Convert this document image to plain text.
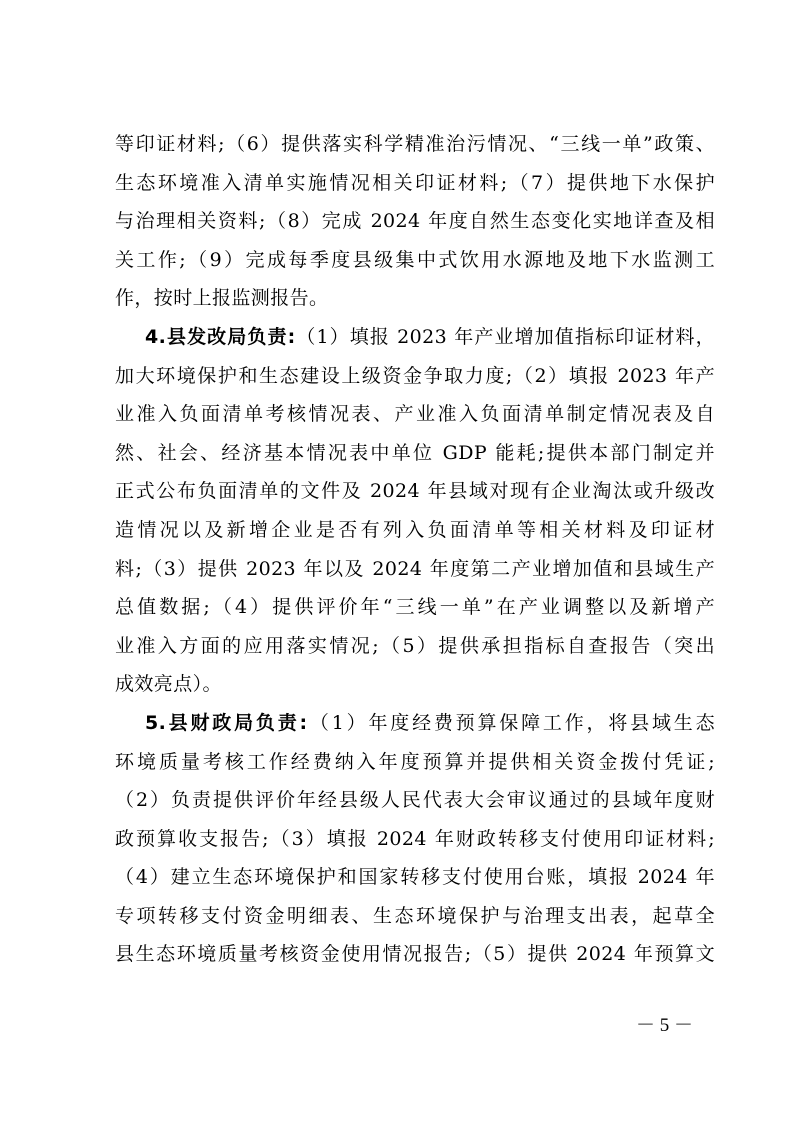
等印证材料;（6）提供落实科学精准治污情况、“三线一单”政策、
生态环境准入清单实施情况相关印证材料;（7）提供地下水保护
与治理相关资料;（8）完成 2024 年度自然生态变化实地详查及相
关工作;（9）完成每季度县级集中式饮用水源地及地下水监测工
作，按时上报监测报告。
4.县发改局负责:（1）填报 2023 年产业增加值指标印证材料，
加大环境保护和生态建设上级资金争取力度;（2）填报 2023 年产
业准入负面清单考核情况表、产业准入负面清单制定情况表及自
然、社会、经济基本情况表中单位 GDP 能耗;提供本部门制定并
正式公布负面清单的文件及 2024 年县域对现有企业淘汰或升级改
造情况以及新增企业是否有列入负面清单等相关材料及印证材
料;（3）提供 2023 年以及 2024 年度第二产业增加值和县域生产
总值数据;（4）提供评价年“三线一单”在产业调整以及新增产
业准入方面的应用落实情况;（5）提供承担指标自查报告（突出
成效亮点）。
5.县财政局负责:（1）年度经费预算保障工作，将县域生态
环境质量考核工作经费纳入年度预算并提供相关资金拨付凭证;
（2）负责提供评价年经县级人民代表大会审议通过的县域年度财
政预算收支报告;（3）填报 2024 年财政转移支付使用印证材料;
（4）建立生态环境保护和国家转移支付使用台账，填报 2024 年
专项转移支付资金明细表、生态环境保护与治理支出表，起草全
县生态环境质量考核资金使用情况报告;（5）提供 2024 年预算文
－ 5 －
